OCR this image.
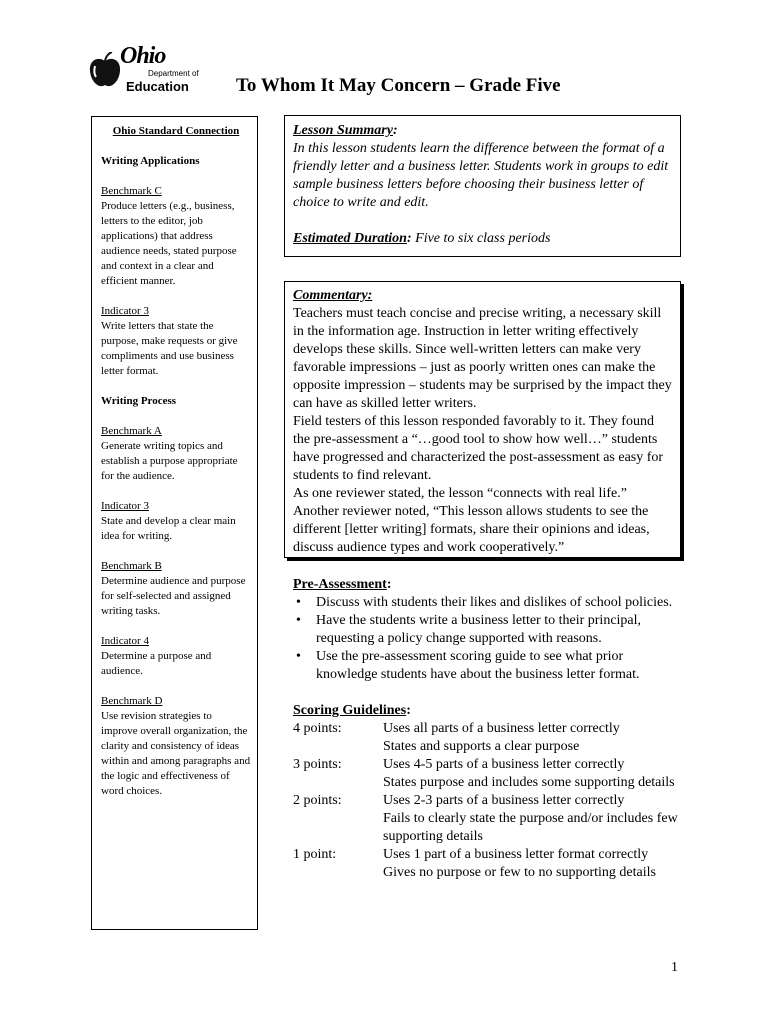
Ohio
Department of
Education To Whom It May Concern – Grade Five
Ohio Standard Connection
Writing Applications
Benchmark C
Produce letters (e.g., business, letters to the editor, job applications) that address audience needs, stated purpose and context in a clear and efficient manner.
Indicator 3
Write letters that state the purpose, make requests or give compliments and use business letter format.
Writing Process
Benchmark A
Generate writing topics and establish a purpose appropriate for the audience.
Indicator 3
State and develop a clear main idea for writing.
Benchmark B
Determine audience and purpose for self-selected and assigned writing tasks.
Indicator 4
Determine a purpose and audience.
Benchmark D
Use revision strategies to improve overall organization, the clarity and consistency of ideas within and among paragraphs and the logic and effectiveness of word choices.
Lesson Summary:
In this lesson students learn the difference between the format of a friendly letter and a business letter. Students work in groups to edit sample business letters before choosing their business letter of choice to write and edit.
Estimated Duration: Five to six class periods
Commentary:
Teachers must teach concise and precise writing, a necessary skill in the information age. Instruction in letter writing effectively develops these skills. Since well-written letters can make very favorable impressions – just as poorly written ones can make the opposite impression – students may be surprised by the impact they can have as skilled letter writers.
Field testers of this lesson responded favorably to it. They found the pre-assessment a “…good tool to show how well…” students have progressed and characterized the post-assessment as easy for students to find relevant.
As one reviewer stated, the lesson “connects with real life.” Another reviewer noted, “This lesson allows students to see the different [letter writing] formats, share their opinions and ideas, discuss audience types and work cooperatively.”
Pre-Assessment:
• Discuss with students their likes and dislikes of school policies.
• Have the students write a business letter to their principal, requesting a policy change supported with reasons.
• Use the pre-assessment scoring guide to see what prior knowledge students have about the business letter format.
Scoring Guidelines:
4 points:	Uses all parts of a business letter correctly
States and supports a clear purpose
3 points:	Uses 4-5 parts of a business letter correctly
States purpose and includes some supporting details
2 points:	Uses 2-3 parts of a business letter correctly
Fails to clearly state the purpose and/or includes few supporting details
1 point:	Uses 1 part of a business letter format correctly
Gives no purpose or few to no supporting details
1
